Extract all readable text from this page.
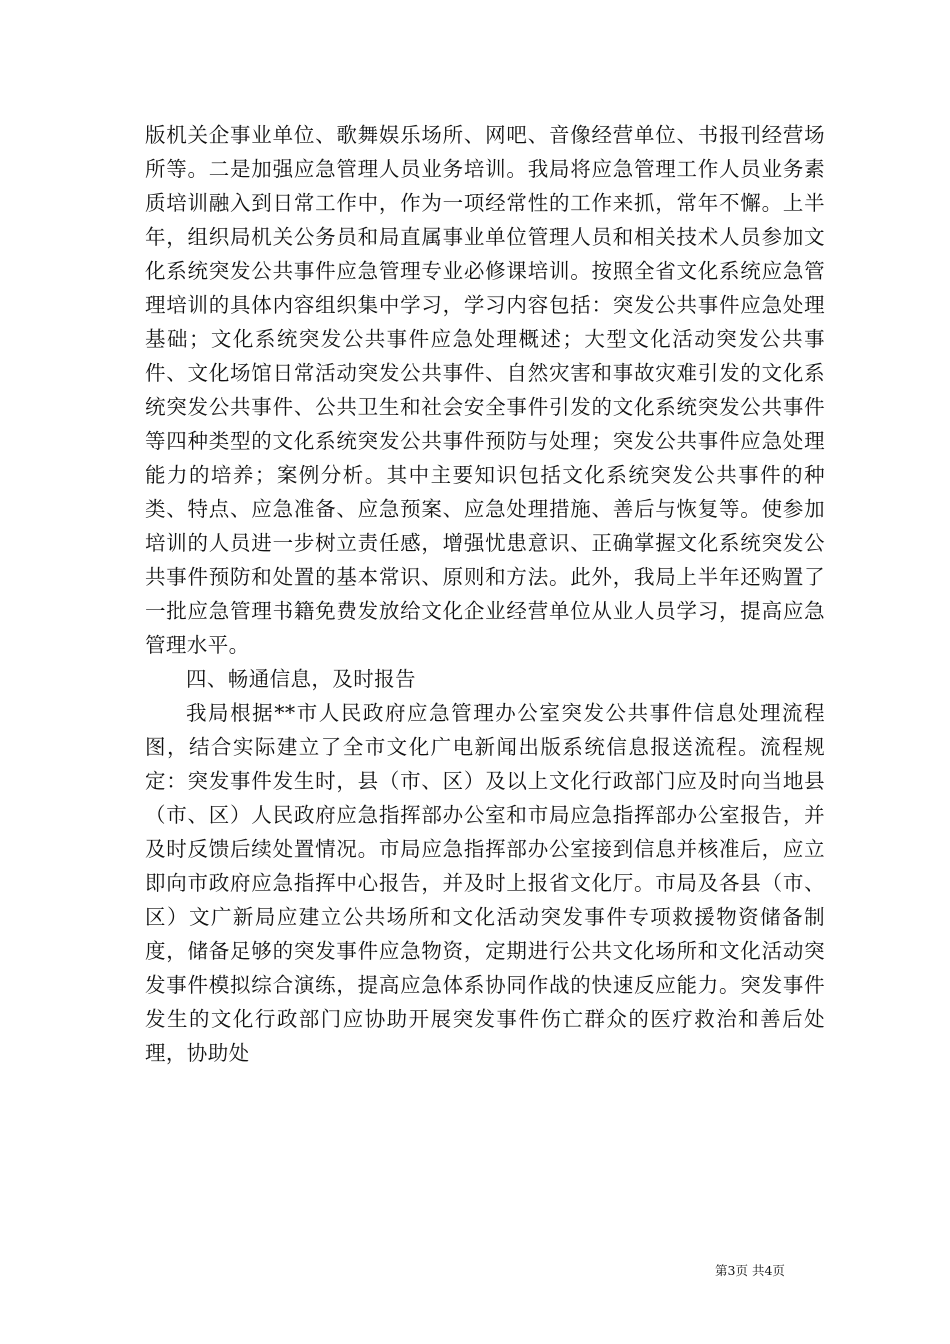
版机关企事业单位、歌舞娱乐场所、网吧、音像经营单位、书报刊经营场所等。二是加强应急管理人员业务培训。我局将应急管理工作人员业务素质培训融入到日常工作中，作为一项经常性的工作来抓，常年不懈。上半年，组织局机关公务员和局直属事业单位管理人员和相关技术人员参加文化系统突发公共事件应急管理专业必修课培训。按照全省文化系统应急管理培训的具体内容组织集中学习，学习内容包括：突发公共事件应急处理基础；文化系统突发公共事件应急处理概述；大型文化活动突发公共事件、文化场馆日常活动突发公共事件、自然灾害和事故灾难引发的文化系统突发公共事件、公共卫生和社会安全事件引发的文化系统突发公共事件等四种类型的文化系统突发公共事件预防与处理；突发公共事件应急处理能力的培养；案例分析。其中主要知识包括文化系统突发公共事件的种类、特点、应急准备、应急预案、应急处理措施、善后与恢复等。使参加培训的人员进一步树立责任感，增强忧患意识、正确掌握文化系统突发公共事件预防和处置的基本常识、原则和方法。此外，我局上半年还购置了一批应急管理书籍免费发放给文化企业经营单位从业人员学习，提高应急管理水平。

四、畅通信息，及时报告

我局根据**市人民政府应急管理办公室突发公共事件信息处理流程图，结合实际建立了全市文化广电新闻出版系统信息报送流程。流程规定：突发事件发生时，县（市、区）及以上文化行政部门应及时向当地县（市、区）人民政府应急指挥部办公室和市局应急指挥部办公室报告，并及时反馈后续处置情况。市局应急指挥部办公室接到信息并核准后，应立即向市政府应急指挥中心报告，并及时上报省文化厅。市局及各县（市、区）文广新局应建立公共场所和文化活动突发事件专项救援物资储备制度，储备足够的突发事件应急物资，定期进行公共文化场所和文化活动突发事件模拟综合演练，提高应急体系协同作战的快速反应能力。突发事件发生的文化行政部门应协助开展突发事件伤亡群众的医疗救治和善后处理，协助处

第3页 共4页
